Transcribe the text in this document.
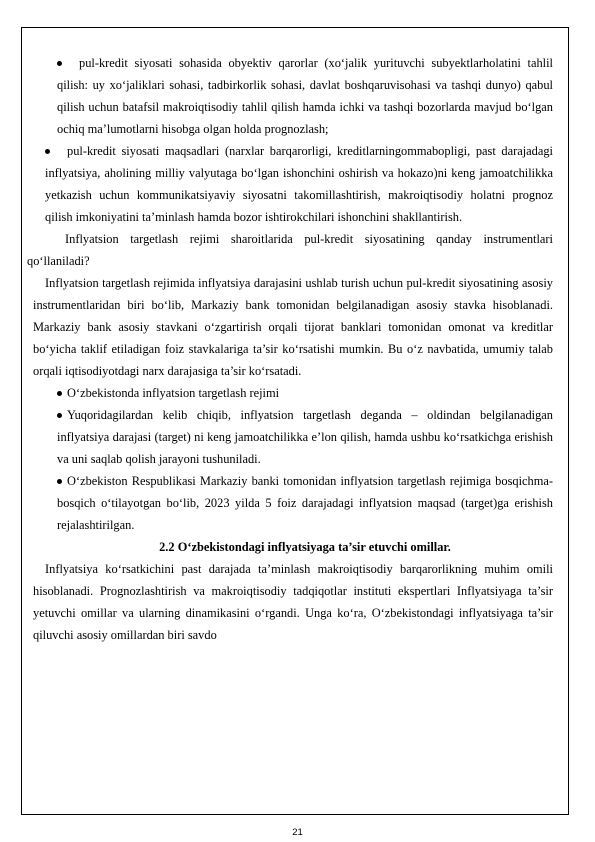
pul-kredit siyosati sohasida obyektiv qarorlar (xo‘jalik yurituvchi subyektlarholatini tahlil qilish: uy xo‘jaliklari sohasi, tadbirkorlik sohasi, davlat boshqaruvisohasi va tashqi dunyo) qabul qilish uchun batafsil makroiqtisodiy tahlil qilish hamda ichki va tashqi bozorlarda mavjud bo‘lgan ochiq ma’lumotlarni hisobga olgan holda prognozlash;

pul-kredit siyosati maqsadlari (narxlar barqarorligi, kreditlarningommabopligi, past darajadagi inflyatsiya, aholining milliy valyutaga bo‘lgan ishonchini oshirish va hokazo)ni keng jamoatchilikka yetkazish uchun kommunikatsiyaviy siyosatni takomillashtirish, makroiqtisodiy holatni prognoz qilish imkoniyatini ta’minlash hamda bozor ishtirokchilari ishonchini shakllantirish.

Inflyatsion targetlash rejimi sharoitlarida pul-kredit siyosatining qanday instrumentlari qo‘llaniladi?

Inflyatsion targetlash rejimida inflyatsiya darajasini ushlab turish uchun pul-kredit siyosatining asosiy instrumentlaridan biri bo‘lib, Markaziy bank tomonidan belgilanadigan asosiy stavka hisoblanadi. Markaziy bank asosiy stavkani o‘zgartirish orqali tijorat banklari tomonidan omonat va kreditlar bo‘yicha taklif etiladigan foiz stavkalariga ta’sir ko‘rsatishi mumkin. Bu o‘z navbatida, umumiy talab orqali iqtisodiyotdagi narx darajasiga ta’sir ko‘rsatadi.

O‘zbekistonda inflyatsion targetlash rejimi

Yuqoridagilardan kelib chiqib, inflyatsion targetlash deganda – oldindan belgilanadigan inflyatsiya darajasi (target) ni keng jamoatchilikka e’lon qilish, hamda ushbu ko‘rsatkichga erishish va uni saqlab qolish jarayoni tushuniladi.

O‘zbekiston Respublikasi Markaziy banki tomonidan inflyatsion targetlash rejimiga bosqichma-bosqich o‘tilayotgan bo‘lib, 2023 yilda 5 foiz darajadagi inflyatsion maqsad (target)ga erishish rejalashtirilgan.

2.2 O‘zbekistondagi inflyatsiyaga ta’sir etuvchi omillar.

Inflyatsiya ko‘rsatkichini past darajada ta’minlash makroiqtisodiy barqarorlikning muhim omili hisoblanadi. Prognozlashtirish va makroiqtisodiy tadqiqotlar instituti ekspertlari Inflyatsiyaga ta’sir yetuvchi omillar va ularning dinamikasini o‘rgandi. Unga ko‘ra, O‘zbekistondagi inflyatsiyaga ta’sir qiluvchi asosiy omillardan biri savdo

21
